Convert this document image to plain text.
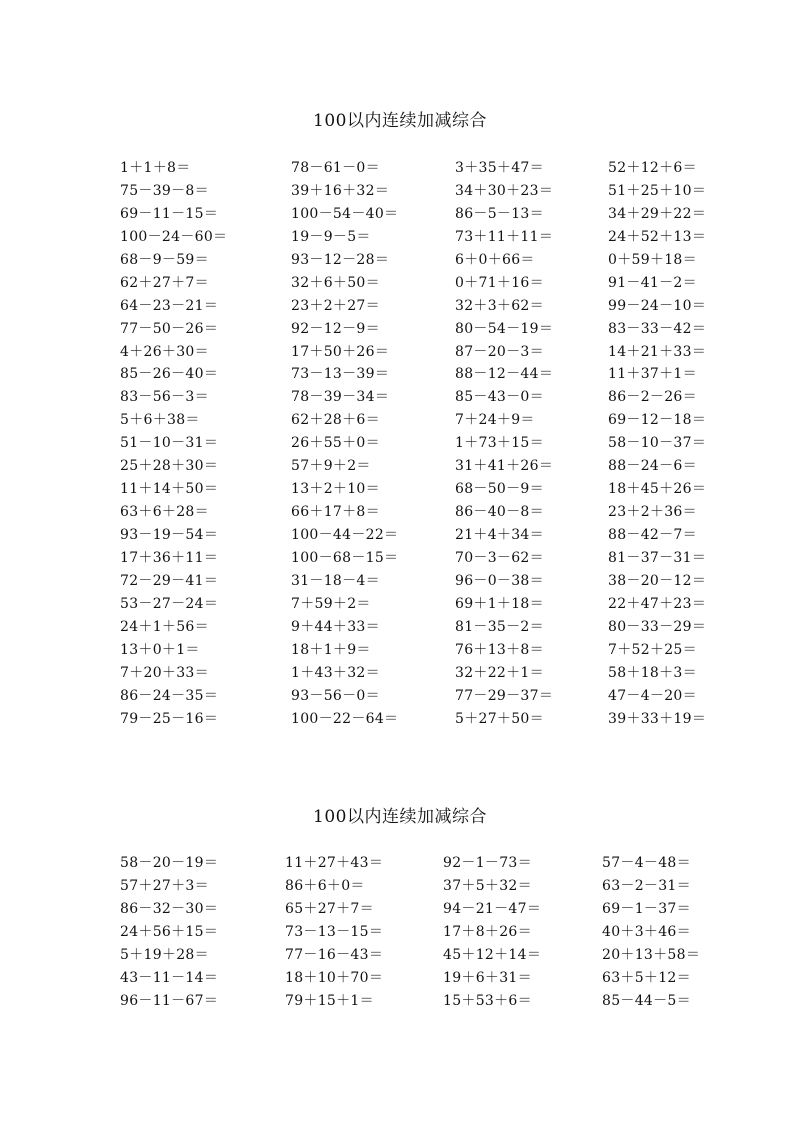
100以内连续加减综合
1＋1＋8＝
75－39－8＝
69－11－15＝
100－24－60＝
68－9－59＝
62＋27＋7＝
64－23－21＝
77－50－26＝
4＋26＋30＝
85－26－40＝
83－56－3＝
5＋6＋38＝
51－10－31＝
25＋28＋30＝
11＋14＋50＝
63＋6＋28＝
93－19－54＝
17＋36＋11＝
72－29－41＝
53－27－24＝
24＋1＋56＝
13＋0＋1＝
7＋20＋33＝
86－24－35＝
79－25－16＝
78－61－0＝
39＋16＋32＝
100－54－40＝
19－9－5＝
93－12－28＝
32＋6＋50＝
23＋2＋27＝
92－12－9＝
17＋50＋26＝
73－13－39＝
78－39－34＝
62＋28＋6＝
26＋55＋0＝
57＋9＋2＝
13＋2＋10＝
66＋17＋8＝
100－44－22＝
100－68－15＝
31－18－4＝
7＋59＋2＝
9＋44＋33＝
18＋1＋9＝
1＋43＋32＝
93－56－0＝
100－22－64＝
3＋35＋47＝
34＋30＋23＝
86－5－13＝
73＋11＋11＝
6＋0＋66＝
0＋71＋16＝
32＋3＋62＝
80－54－19＝
87－20－3＝
88－12－44＝
85－43－0＝
7＋24＋9＝
1＋73＋15＝
31＋41＋26＝
68－50－9＝
86－40－8＝
21＋4＋34＝
70－3－62＝
96－0－38＝
69＋1＋18＝
81－35－2＝
76＋13＋8＝
32＋22＋1＝
77－29－37＝
5＋27＋50＝
52＋12＋6＝
51＋25＋10＝
34＋29＋22＝
24＋52＋13＝
0＋59＋18＝
91－41－2＝
99－24－10＝
83－33－42＝
14＋21＋33＝
11＋37＋1＝
86－2－26＝
69－12－18＝
58－10－37＝
88－24－6＝
18＋45＋26＝
23＋2＋36＝
88－42－7＝
81－37－31＝
38－20－12＝
22＋47＋23＝
80－33－29＝
7＋52＋25＝
58＋18＋3＝
47－4－20＝
39＋33＋19＝
100以内连续加减综合
58－20－19＝
57＋27＋3＝
86－32－30＝
24＋56＋15＝
5＋19＋28＝
43－11－14＝
96－11－67＝
11＋27＋43＝
86＋6＋0＝
65＋27＋7＝
73－13－15＝
77－16－43＝
18＋10＋70＝
79＋15＋1＝
92－1－73＝
37＋5＋32＝
94－21－47＝
17＋8＋26＝
45＋12＋14＝
19＋6＋31＝
15＋53＋6＝
57－4－48＝
63－2－31＝
69－1－37＝
40＋3＋46＝
20＋13＋58＝
63＋5＋12＝
85－44－5＝
